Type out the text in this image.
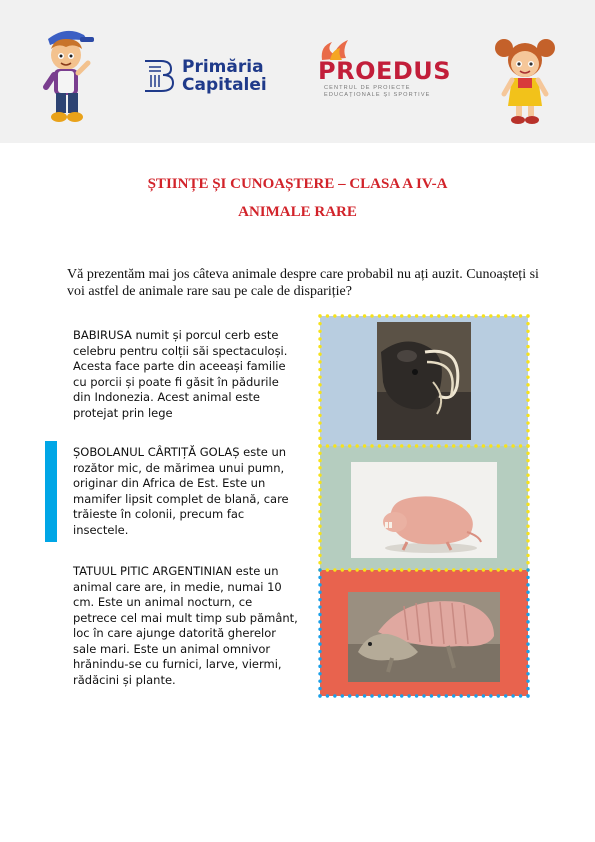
Primăria
Capitalei PROEDUS
CENTRUL DE PROIECTE EDUCAȚIONALE ȘI SPORTIVE
ȘTIINȚE ȘI CUNOAȘTERE – CLASA A IV-A
ANIMALE RARE

Vă prezentăm mai jos câteva animale despre care probabil nu ați auzit. Cunoașteți si voi astfel de animale rare sau pe cale de dispariție?

BABIRUSA numit și porcul cerb este celebru pentru colții săi spectaculoși. Acesta face parte din aceeași familie cu porcii și poate fi găsit în pădurile din Indonezia. Acest animal este protejat prin lege

ȘOBOLANUL CÂRTIȚĂ GOLAȘ este un rozător mic, de mărimea unui pumn, originar din Africa de Est. Este un mamifer lipsit complet de blană, care trăieste în colonii, precum fac insectele.

TATUUL PITIC ARGENTINIAN este un animal care are, in medie, numai 10 cm. Este un animal nocturn, ce petrece cel mai mult timp sub pământ, loc în care ajunge datorită gherelor sale mari. Este un animal omnivor hrănindu-se cu furnici, larve, viermi, rădăcini și plante.
